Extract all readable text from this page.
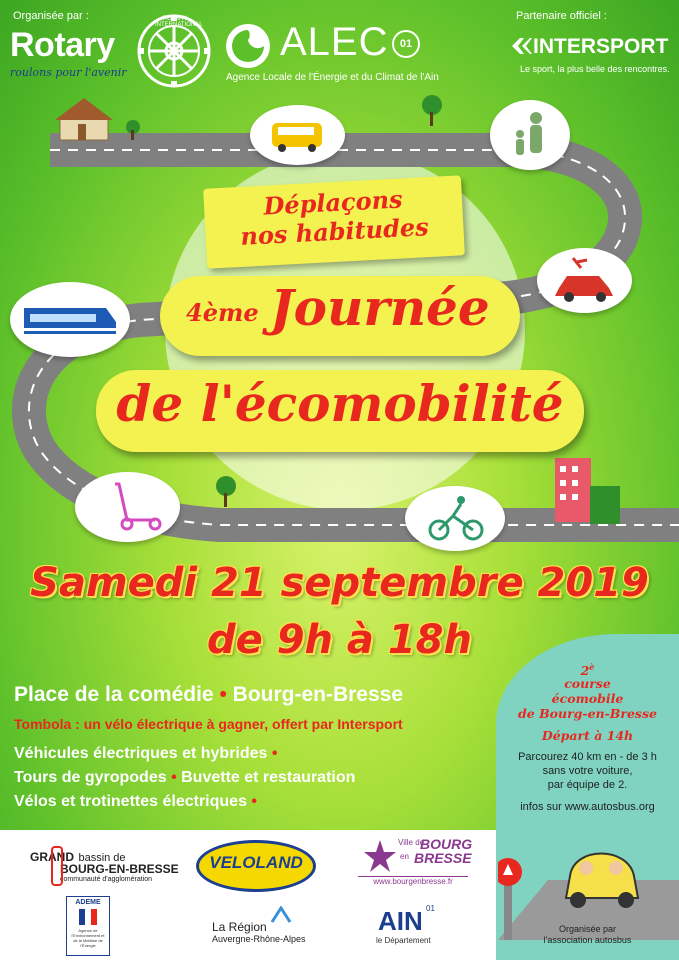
Organisée par :
Rotary
roulons pour l'avenir
ROTARY INTERNATIONAL ALEC	01
Agence Locale de l'Énergie et du Climat de l'Ain
Partenaire officiel :
INTERSPORT
Le sport, la plus belle des rencontres.
Déplaçons
nos habitudes
4ème Journée
de l'écomobilité
Samedi 21 septembre 2019
de 9h à 18h
Place de la comédie • Bourg-en-Bresse
Tombola : un vélo électrique à gagner, offert par Intersport
Véhicules électriques et hybrides •
Tours de gyropodes • Buvette et restauration
Vélos et trotinettes électriques •
$2^è$
course
écomobile
de Bourg-en-Bresse
Départ à 14h
Parcourez 40 km en - de 3 h
sans votre voiture,
par équipe de 2.
infos sur www.autosbus.org
Organisée par
l'association autosbus
GRAND bassin de
BOURG-EN-BRESSE
communauté d'agglomération
VELOLAND
Ville de
BOURG
en BRESSE
www.bourgenbresse.fr
ADEME
Agence de l'Environnement et de la Maîtrise de l'Énergie
La Région
Auvergne-Rhône-Alpes
AIN 01
le Département
